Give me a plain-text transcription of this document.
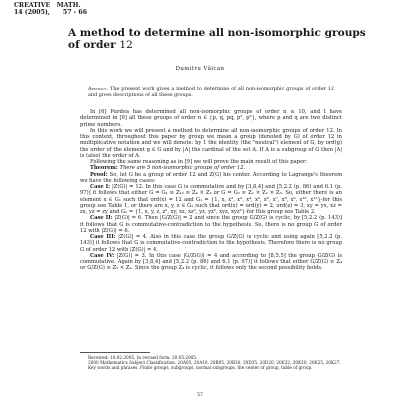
CREATIVE   MATH.
14 (2005),      57 - 66
A method to determine all non-isomorphic groups of order 12
Dumitru Vălcan
Abstract. The present work gives a method to determine of all non-isomorphic groups of order 12 and gives descriptions of all these groups.

In [6] Purdea has determined all non-isomorphic groups of order n ≤ 10, and I have determined in [9] all these groups of order n ∈ {p, q, pq, p², p³}, where p and q are two distinct prime numbers.

In this work we will present a method to determine all non-isomorphic groups of order 12. In this context, throughout this paper by group we mean a group (denoted by G) of order 12 in multiplicative notation and we will denote: by 1 the identity (the "neutral") element of G, by ord(g) the order of the element g ∈ G and by |A| the cardinal of the set A. If A is a subgroup of G then |A| is (also) the order of A.

Following the same reasoning as in [9] we will prove the main result of this paper:

Theorem: There are 5 non-isomorphic groups of order 12.

Proof: So, let G be a group of order 12 and Z(G) his center. According to Lagrange's theorem we have the following cases:

Case I: |Z(G)| = 12. In this case G is commutative and by [3,8,4] and [5,2.2 (p. 86) and 6.1 (p. 97)] it follows that either G = G₁ ≅ Z₁₂ ≅ Z₄ × Z₃ or G = G₂ ≅ Z₂ × Z₂ × Z₃. So, either there is an element x ∈ G₁ such that ord(x) = 12 and G₁ = {1, x, x², x³, x⁴, x⁵, x⁶, x⁷, x⁸, x⁹, x¹⁰, x¹¹}-for this group see Table 1, or there are x, y, z ∈ G₂ such that ord(x) = ord(y) = 2, ord(z) = 3, xy = yx, xz = zx, yz = zy and G₂ = {1, x, y, z, z², xy, xz, xz², yz, yz², xyz, xyz²}-for this group see Table 2.

Case II: |Z(G)| = 6. Then |G/Z(G)| = 2 and since the group G/Z(G) is cyclic, by [5,2.2 (p. 143)] it follows that G is commutative-contradiction to the hypothesis. So, there is no group G of order 12 with |Z(G)| = 6.

Case III: |Z(G)| = 4. Also in this case the group G/Z(G) is cyclic and using again [5,2.2 (p. 143)] it follows that G is commutative-contradiction to the hypothesis. Therefore there is no group G of order 12 with |Z(G)| = 4.

Case IV: |Z(G)| = 3. In this case |G/Z(G)| = 4 and according to [8,5.5] the group G/Z(G) is commutative. Again by [3,8,4] and [5,2.2 (p. 86) and 6.1 (p. 97)] it follows that either G/Z(G) ≅ Z₄ or G/Z(G) ≅ Z₂ × Z₂. Since the group Z₄ is cyclic, it follows only the second possibility holds.

Received: 10.02.2005. In revised form: 20.05.2005.
2000 Mathematics Subject Classification. 20A05, 20A10, 20B05, 20B30, 20D35, 20D20, 20E32, 20K10, 20K25, 20K27.
Key words and phrases. Finite groups, subgroups, normal subgroups, the center of group, table of group.
57
